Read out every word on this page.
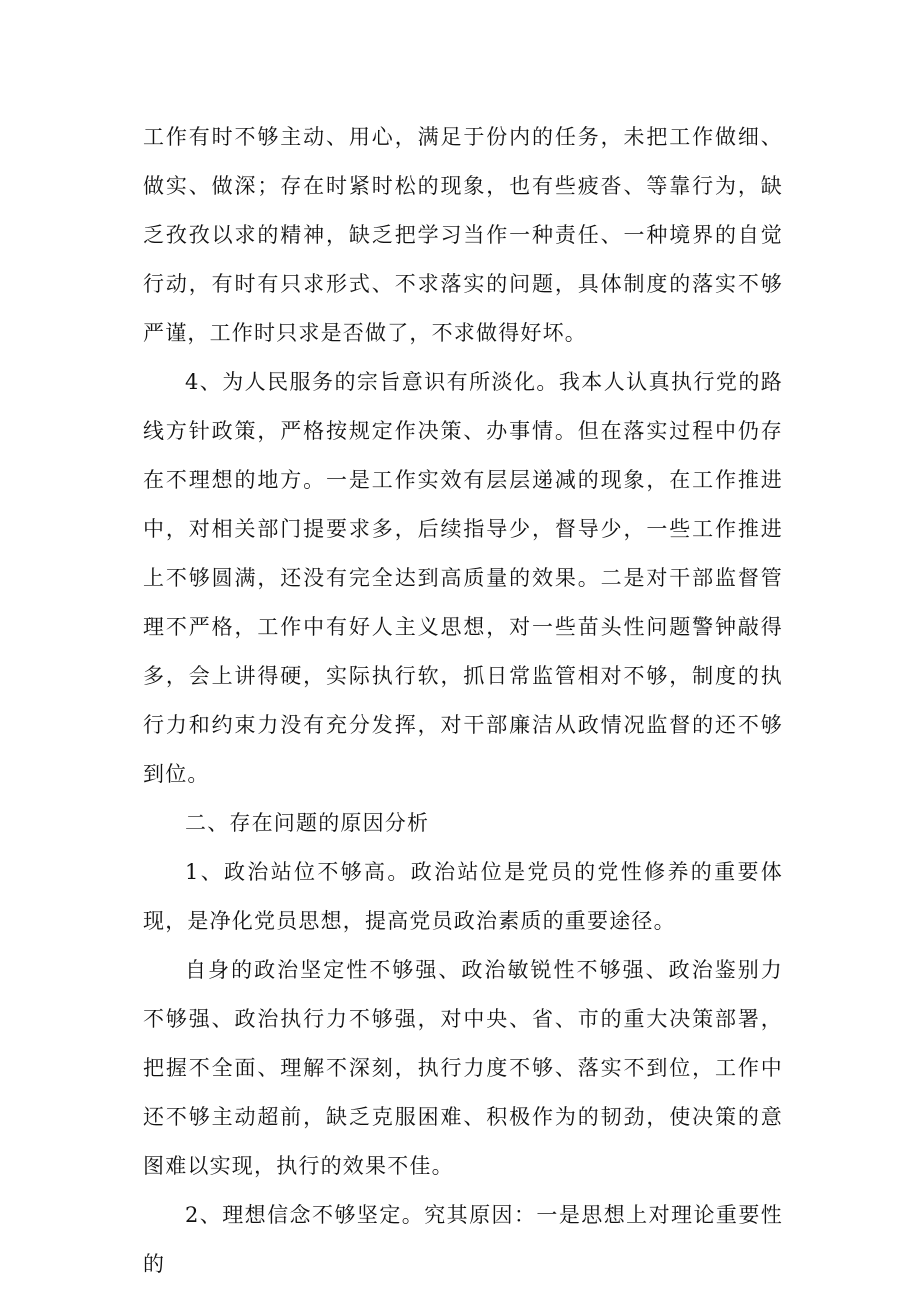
工作有时不够主动、用心，满足于份内的任务，未把工作做细、做实、做深；存在时紧时松的现象，也有些疲沓、等靠行为，缺乏孜孜以求的精神，缺乏把学习当作一种责任、一种境界的自觉行动，有时有只求形式、不求落实的问题，具体制度的落实不够严谨，工作时只求是否做了，不求做得好坏。

4、为人民服务的宗旨意识有所淡化。我本人认真执行党的路线方针政策，严格按规定作决策、办事情。但在落实过程中仍存在不理想的地方。一是工作实效有层层递减的现象，在工作推进中，对相关部门提要求多，后续指导少，督导少，一些工作推进上不够圆满，还没有完全达到高质量的效果。二是对干部监督管理不严格，工作中有好人主义思想，对一些苗头性问题警钟敲得多，会上讲得硬，实际执行软，抓日常监管相对不够，制度的执行力和约束力没有充分发挥，对干部廉洁从政情况监督的还不够到位。

二、存在问题的原因分析

1、政治站位不够高。政治站位是党员的党性修养的重要体现，是净化党员思想，提高党员政治素质的重要途径。

自身的政治坚定性不够强、政治敏锐性不够强、政治鉴别力不够强、政治执行力不够强，对中央、省、市的重大决策部署，把握不全面、理解不深刻，执行力度不够、落实不到位，工作中还不够主动超前，缺乏克服困难、积极作为的韧劲，使决策的意图难以实现，执行的效果不佳。

2、理想信念不够坚定。究其原因：一是思想上对理论重要性的
